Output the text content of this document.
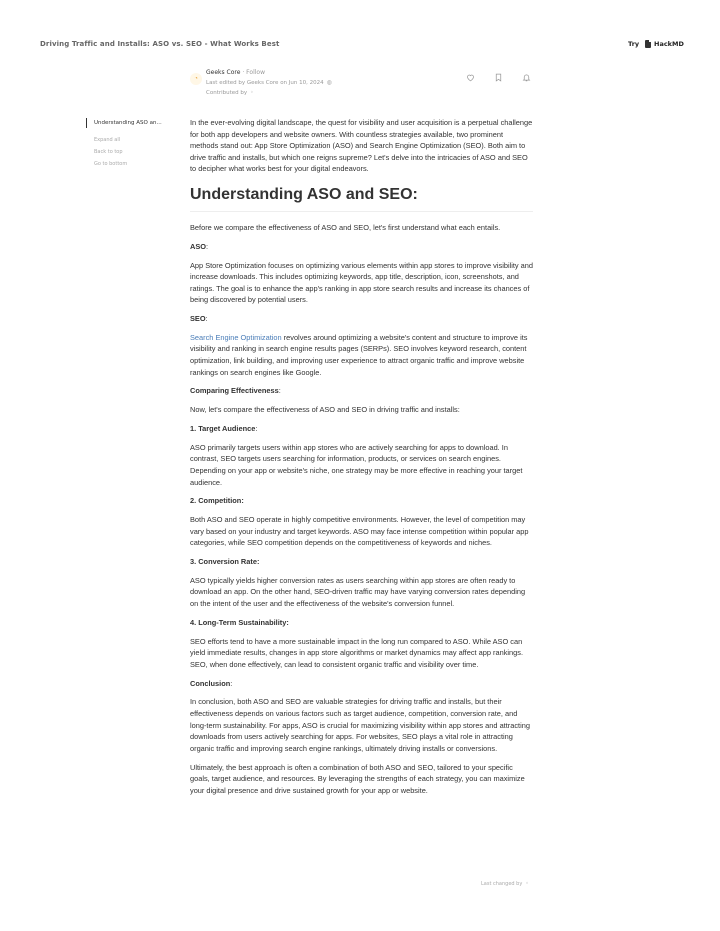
Driving Traffic and Installs: ASO vs. SEO - What Works Best	Try HackMD
◔
Geeks Core · Follow
Last edited by Geeks Core on Jun 10, 2024 ◍
Contributed by ◦
Understanding ASO an...
Expand all
Back to top
Go to bottom

In the ever-evolving digital landscape, the quest for visibility and user acquisition is a perpetual challenge for both app developers and website owners. With countless strategies available, two prominent methods stand out: App Store Optimization (ASO) and Search Engine Optimization (SEO). Both aim to drive traffic and installs, but which one reigns supreme? Let's delve into the intricacies of ASO and SEO to decipher what works best for your digital endeavors.

Understanding ASO and SEO:

Before we compare the effectiveness of ASO and SEO, let's first understand what each entails.

ASO:

App Store Optimization focuses on optimizing various elements within app stores to improve visibility and increase downloads. This includes optimizing keywords, app title, description, icon, screenshots, and ratings. The goal is to enhance the app's ranking in app store search results and increase its chances of being discovered by potential users.

SEO:

Search Engine Optimization revolves around optimizing a website's content and structure to improve its visibility and ranking in search engine results pages (SERPs). SEO involves keyword research, content optimization, link building, and improving user experience to attract organic traffic and improve website rankings on search engines like Google.

Comparing Effectiveness:

Now, let's compare the effectiveness of ASO and SEO in driving traffic and installs:

1. Target Audience:

ASO primarily targets users within app stores who are actively searching for apps to download. In contrast, SEO targets users searching for information, products, or services on search engines. Depending on your app or website's niche, one strategy may be more effective in reaching your target audience.

2. Competition:

Both ASO and SEO operate in highly competitive environments. However, the level of competition may vary based on your industry and target keywords. ASO may face intense competition within popular app categories, while SEO competition depends on the competitiveness of keywords and niches.

3. Conversion Rate:

ASO typically yields higher conversion rates as users searching within app stores are often ready to download an app. On the other hand, SEO-driven traffic may have varying conversion rates depending on the intent of the user and the effectiveness of the website's conversion funnel.

4. Long-Term Sustainability:

SEO efforts tend to have a more sustainable impact in the long run compared to ASO. While ASO can yield immediate results, changes in app store algorithms or market dynamics may affect app rankings. SEO, when done effectively, can lead to consistent organic traffic and visibility over time.

Conclusion:

In conclusion, both ASO and SEO are valuable strategies for driving traffic and installs, but their effectiveness depends on various factors such as target audience, competition, conversion rate, and long-term sustainability. For apps, ASO is crucial for maximizing visibility within app stores and attracting downloads from users actively searching for apps. For websites, SEO plays a vital role in attracting organic traffic and improving search engine rankings, ultimately driving installs or conversions.

Ultimately, the best approach is often a combination of both ASO and SEO, tailored to your specific goals, target audience, and resources. By leveraging the strengths of each strategy, you can maximize your digital presence and drive sustained growth for your app or website.

Last changed by ◦
